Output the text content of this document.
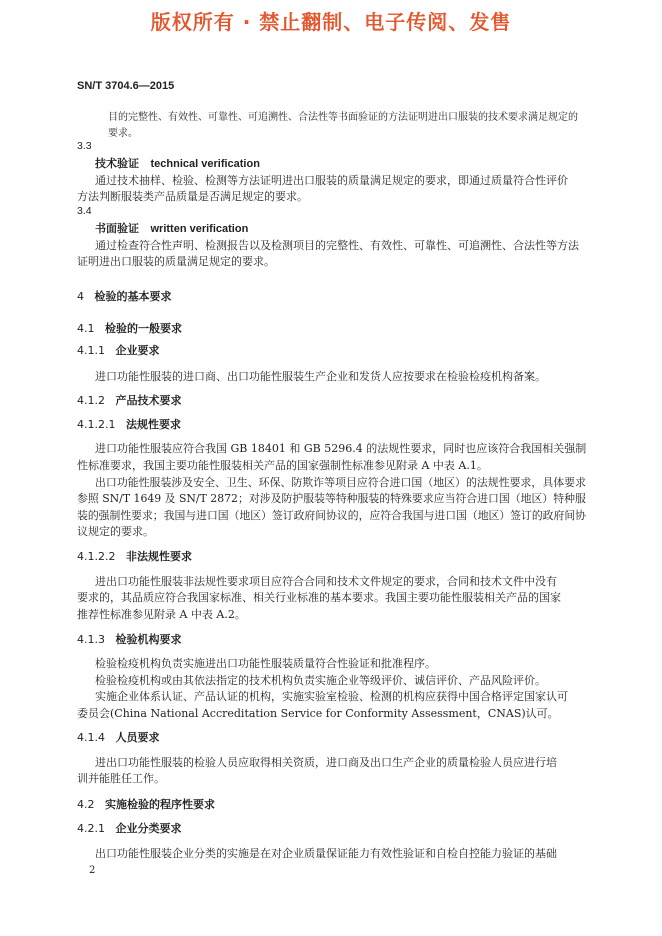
版权所有 · 禁止翻制、电子传阅、发售
SN/T 3704.6—2015
目的完整性、有效性、可靠性、可追溯性、合法性等书面验证的方法证明进出口服装的技术要求满足规定的
要求。
3.3
技术验证 technical verification
通过技术抽样、检验、检测等方法证明进出口服装的质量满足规定的要求，即通过质量符合性评价
方法判断服装类产品质量是否满足规定的要求。
3.4
书面验证 written verification
通过检查符合性声明、检测报告以及检测项目的完整性、有效性、可靠性、可追溯性、合法性等方法
证明进出口服装的质量满足规定的要求。
4 检验的基本要求
4.1 检验的一般要求
4.1.1 企业要求
进口功能性服装的进口商、出口功能性服装生产企业和发货人应按要求在检验检疫机构备案。
4.1.2 产品技术要求
4.1.2.1 法规性要求
进口功能性服装应符合我国 GB 18401 和 GB 5296.4 的法规性要求，同时也应该符合我国相关强制
性标准要求，我国主要功能性服装相关产品的国家强制性标准参见附录 A 中表 A.1。
出口功能性服装涉及安全、卫生、环保、防欺诈等项目应符合进口国（地区）的法规性要求，具体要求
参照 SN/T 1649 及 SN/T 2872；对涉及防护服装等特种服装的特殊要求应当符合进口国（地区）特种服
装的强制性要求；我国与进口国（地区）签订政府间协议的，应符合我国与进口国（地区）签订的政府间协
议规定的要求。
4.1.2.2 非法规性要求
进出口功能性服装非法规性要求项目应符合合同和技术文件规定的要求，合同和技术文件中没有
要求的，其品质应符合我国家标准、相关行业标准的基本要求。我国主要功能性服装相关产品的国家
推荐性标准参见附录 A 中表 A.2。
4.1.3 检验机构要求
检验检疫机构负责实施进出口功能性服装质量符合性验证和批准程序。
检验检疫机构或由其依法指定的技术机构负责实施企业等级评价、诚信评价、产品风险评价。
实施企业体系认证、产品认证的机构，实施实验室检验、检测的机构应获得中国合格评定国家认可
委员会(China National Accreditation Service for Conformity Assessment，CNAS)认可。
4.1.4 人员要求
进出口功能性服装的检验人员应取得相关资质，进口商及出口生产企业的质量检验人员应进行培
训并能胜任工作。
4.2 实施检验的程序性要求
4.2.1 企业分类要求
出口功能性服装企业分类的实施是在对企业质量保证能力有效性验证和自检自控能力验证的基础
2
